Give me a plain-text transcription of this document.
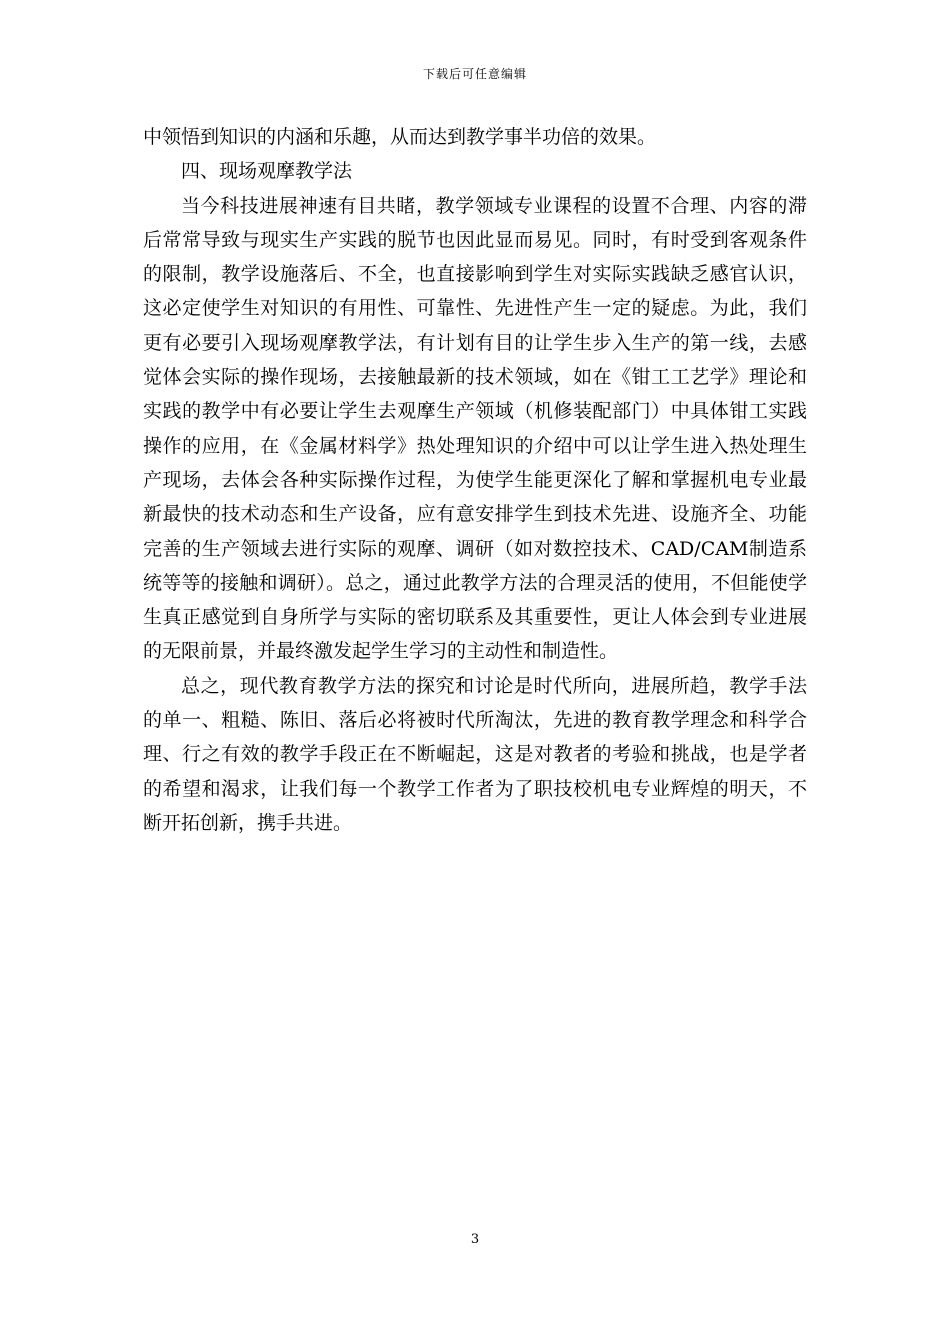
下载后可任意编辑

中领悟到知识的内涵和乐趣，从而达到教学事半功倍的效果。

四、现场观摩教学法

当今科技进展神速有目共睹，教学领域专业课程的设置不合理、内容的滞后常常导致与现实生产实践的脱节也因此显而易见。同时，有时受到客观条件的限制，教学设施落后、不全，也直接影响到学生对实际实践缺乏感官认识，这必定使学生对知识的有用性、可靠性、先进性产生一定的疑虑。为此，我们更有必要引入现场观摩教学法，有计划有目的让学生步入生产的第一线，去感觉体会实际的操作现场，去接触最新的技术领域，如在《钳工工艺学》理论和实践的教学中有必要让学生去观摩生产领域（机修装配部门）中具体钳工实践操作的应用，在《金属材料学》热处理知识的介绍中可以让学生进入热处理生产现场，去体会各种实际操作过程，为使学生能更深化了解和掌握机电专业最新最快的技术动态和生产设备，应有意安排学生到技术先进、设施齐全、功能完善的生产领域去进行实际的观摩、调研（如对数控技术、CAD/CAM制造系统等等的接触和调研）。总之，通过此教学方法的合理灵活的使用，不但能使学生真正感觉到自身所学与实际的密切联系及其重要性，更让人体会到专业进展的无限前景，并最终激发起学生学习的主动性和制造性。

总之，现代教育教学方法的探究和讨论是时代所向，进展所趋，教学手法的单一、粗糙、陈旧、落后必将被时代所淘汰，先进的教育教学理念和科学合理、行之有效的教学手段正在不断崛起，这是对教者的考验和挑战，也是学者的希望和渴求，让我们每一个教学工作者为了职技校机电专业辉煌的明天，不断开拓创新，携手共进。

3
